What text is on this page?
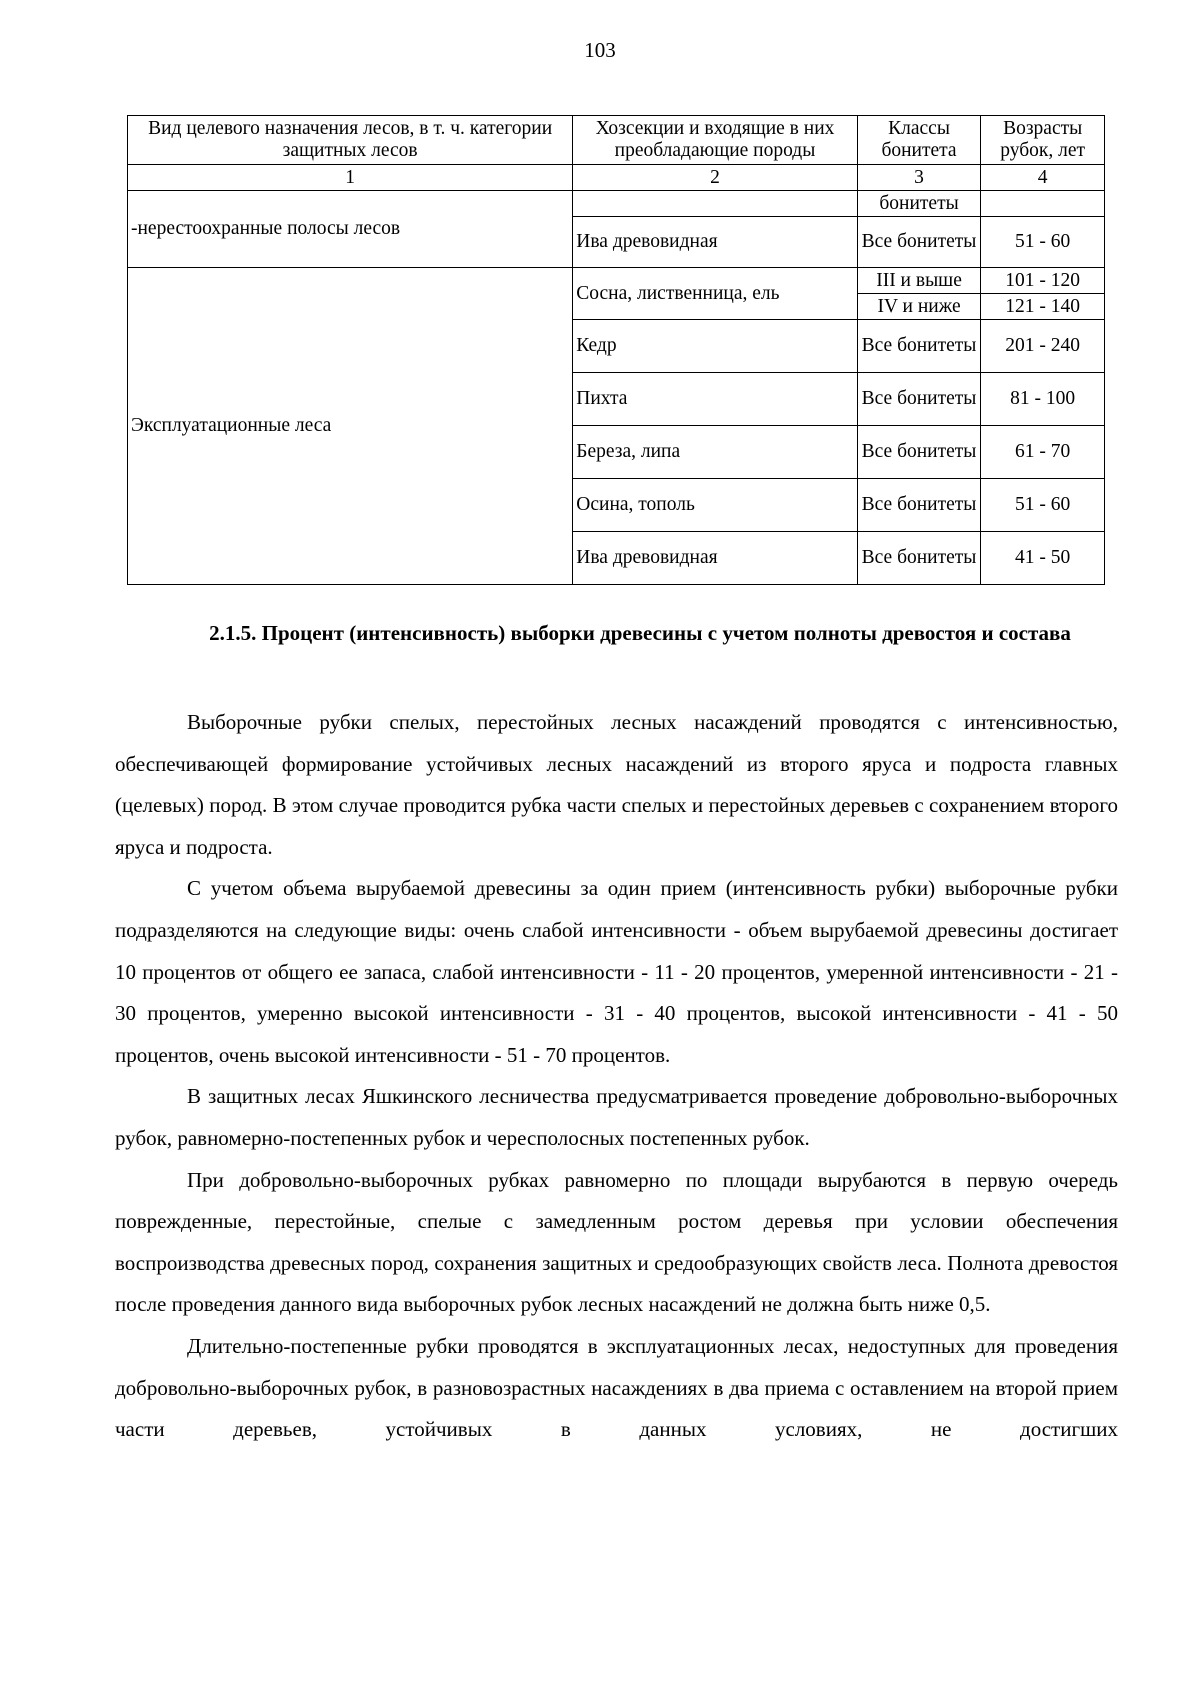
103
Вид целевого назначения лесов, в т. ч. категории защитных лесов	Хозсекции и входящие в них преобладающие породы	Классы бонитета	Возрасты рубок, лет
1	2	3	4
-нерестоохранные полосы лесов		бонитеты	
	Ива древовидная	Все бонитеты	51 - 60
Эксплуатационные леса	Сосна, лиственница, ель	III и выше	101 - 120
		IV и ниже	121 - 140
	Кедр	Все бонитеты	201 - 240
	Пихта	Все бонитеты	81 - 100
	Береза, липа	Все бонитеты	61 - 70
	Осина, тополь	Все бонитеты	51 - 60
	Ива древовидная	Все бонитеты	41 - 50
2.1.5. Процент (интенсивность) выборки древесины с учетом полноты древостоя и состава

Выборочные рубки спелых, перестойных лесных насаждений проводятся с интенсивностью, обеспечивающей формирование устойчивых лесных насаждений из второго яруса и подроста главных (целевых) пород. В этом случае проводится рубка части спелых и перестойных деревьев с сохранением второго яруса и подроста.

С учетом объема вырубаемой древесины за один прием (интенсивность рубки) выборочные рубки подразделяются на следующие виды: очень слабой интенсивности - объем вырубаемой древесины достигает 10 процентов от общего ее запаса, слабой интенсивности - 11 - 20 процентов, умеренной интенсивности - 21 - 30 процентов, умеренно высокой интенсивности - 31 - 40 процентов, высокой интенсивности - 41 - 50 процентов, очень высокой интенсивности - 51 - 70 процентов.

В защитных лесах Яшкинского лесничества предусматривается проведение добровольно-выборочных рубок, равномерно-постепенных рубок и чересполосных постепенных рубок.

При добровольно-выборочных рубках равномерно по площади вырубаются в первую очередь поврежденные, перестойные, спелые с замедленным ростом деревья при условии обеспечения воспроизводства древесных пород, сохранения защитных и средообразующих свойств леса. Полнота древостоя после проведения данного вида выборочных рубок лесных насаждений не должна быть ниже 0,5.

Длительно-постепенные рубки проводятся в эксплуатационных лесах, недоступных для проведения добровольно-выборочных рубок, в разновозрастных насаждениях в два приема с оставлением на второй прием части деревьев, устойчивых в данных условиях, не достигших
